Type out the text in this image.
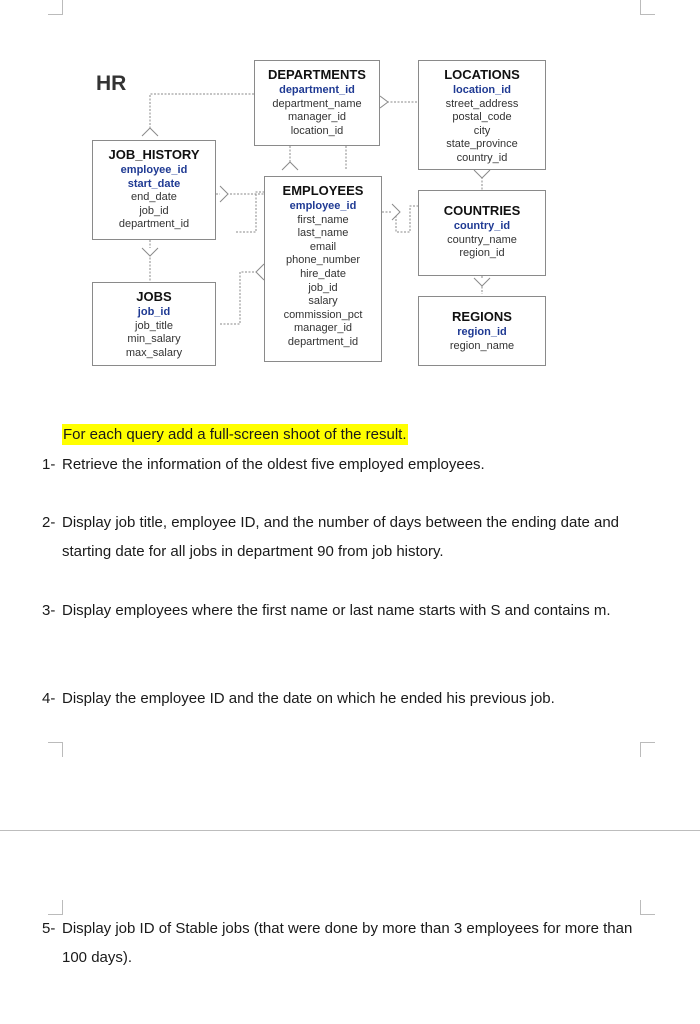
HR	DEPARTMENTS
department_id
department_name
manager_id
location_id
LOCATIONS
location_id
street_address
postal_code
city
state_province
country_id
JOB_HISTORY
employee_id
start_date
end_date
job_id
department_id
EMPLOYEES
employee_id
first_name
last_name
email
phone_number
hire_date
job_id
salary
commission_pct
manager_id
department_id
COUNTRIES
country_id
country_name
region_id
JOBS
job_id
job_title
min_salary
max_salary
REGIONS
region_id
region_name
For each query add a full-screen shoot of the result.
1- Retrieve the information of the oldest five employed employees.
2- Display job title, employee ID, and the number of days between the ending date and starting date for all jobs in department 90 from job history.
3- Display employees where the first name or last name starts with S and contains m.
4- Display the employee ID and the date on which he ended his previous job.
5- Display job ID of Stable jobs (that were done by more than 3 employees for more than 100 days).
